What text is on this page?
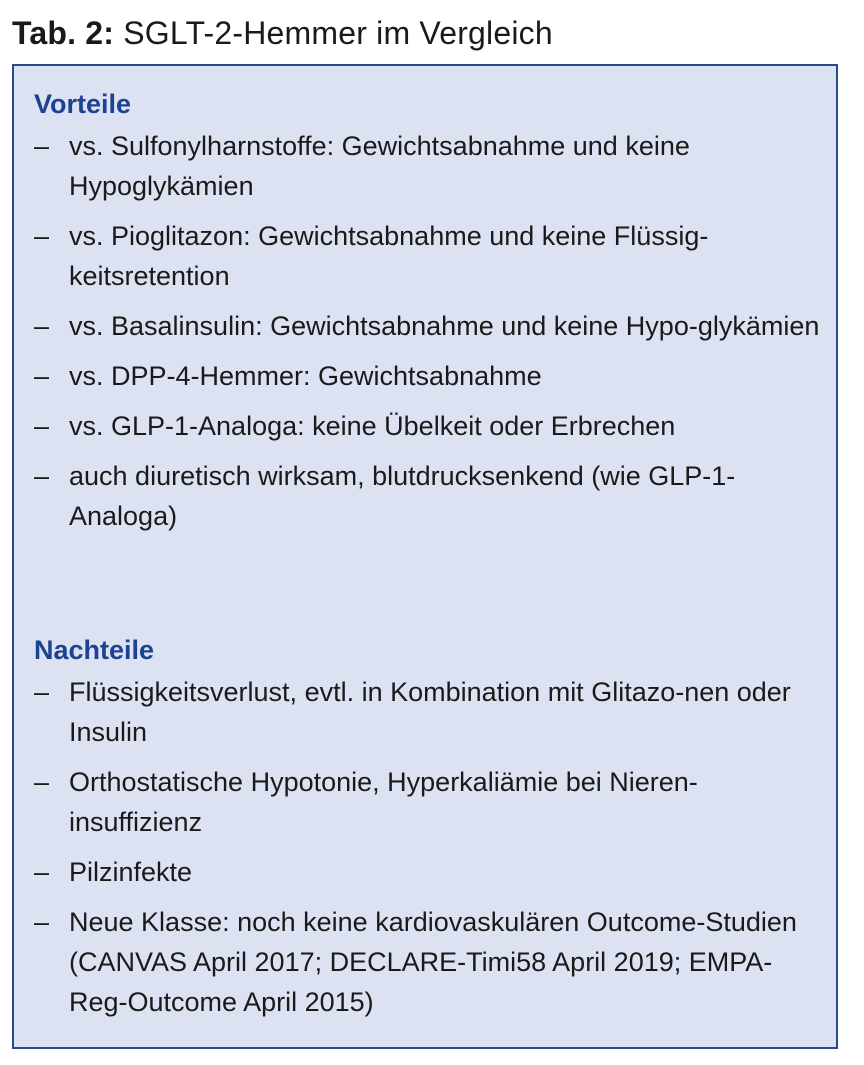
Tab. 2: SGLT-2-Hemmer im Vergleich
Vorteile
– vs. Sulfonylharnstoffe: Gewichtsabnahme und keine Hypoglykämien
– vs. Pioglitazon: Gewichtsabnahme und keine Flüssig-keitsretention
– vs. Basalinsulin: Gewichtsabnahme und keine Hypo-glykämien
– vs. DPP-4-Hemmer: Gewichtsabnahme
– vs. GLP-1-Analoga: keine Übelkeit oder Erbrechen
– auch diuretisch wirksam, blutdrucksenkend (wie GLP-1-Analoga)
Nachteile
– Flüssigkeitsverlust, evtl. in Kombination mit Glitazo-nen oder Insulin
– Orthostatische Hypotonie, Hyperkaliämie bei Nieren-insuffizienz
– Pilzinfekte
– Neue Klasse: noch keine kardiovaskulären Outcome-Studien (CANVAS April 2017; DECLARE-Timi58 April 2019; EMPA-Reg-Outcome April 2015)
